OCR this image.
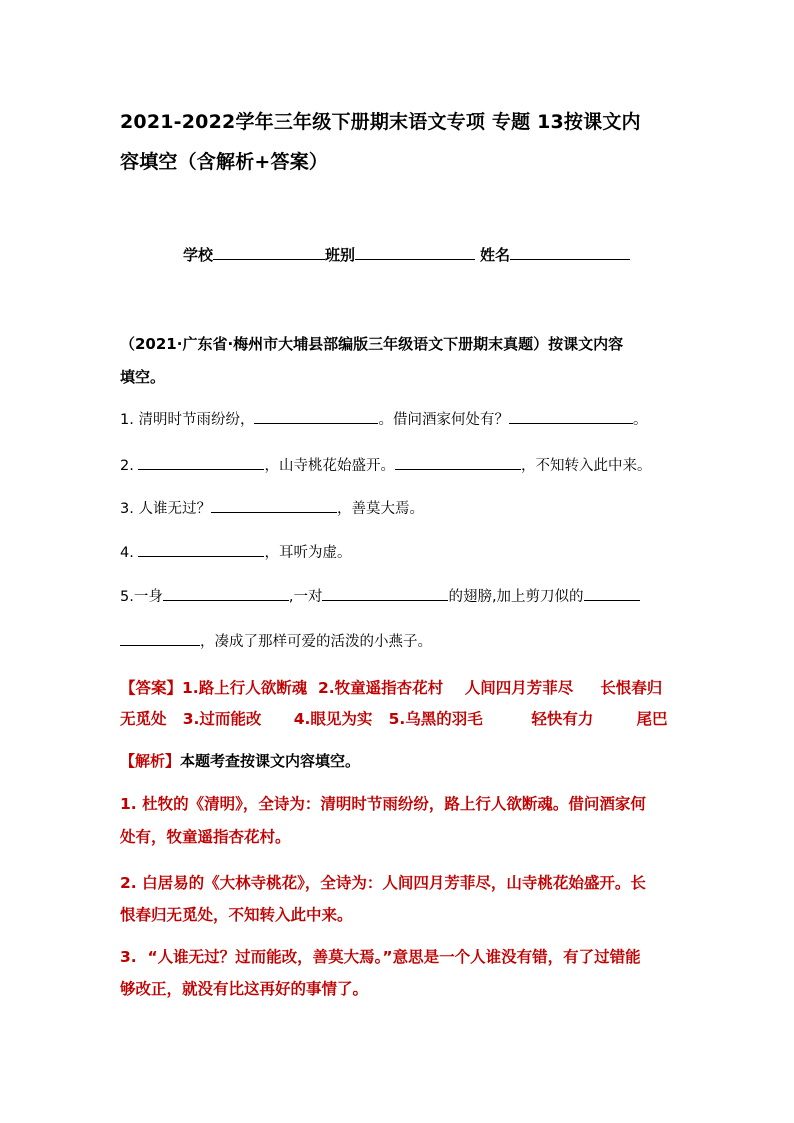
2021-2022学年三年级下册期末语文专项 专题 13按课文内
容填空（含解析+答案）
学校	班别	姓名
（2021·广东省·梅州市大埔县部编版三年级语文下册期末真题）按课文内容
填空。
1. 清明时节雨纷纷，	。借问酒家何处有？	。
2.	，山寺桃花始盛开。	，不知转入此中来。
3. 人谁无过？	，善莫大焉。
4.	，耳听为虚。
5.一身	,一对	的翅膀,加上剪刀似的
，凑成了那样可爱的活泼的小燕子。
【答案】1.路上行人欲断魂  2.牧童遥指杏花村    人间四月芳菲尽     长恨春归
无觅处   3.过而能改      4.眼见为实   5.乌黑的羽毛         轻快有力        尾巴
【解析】本题考查按课文内容填空。
1. 杜牧的《清明》，全诗为：清明时节雨纷纷，路上行人欲断魂。借问酒家何
处有，牧童遥指杏花村。
2. 白居易的《大林寺桃花》，全诗为：人间四月芳菲尽，山寺桃花始盛开。长
恨春归无觅处，不知转入此中来。
3.  “人谁无过？过而能改，善莫大焉。”意思是一个人谁没有错，有了过错能
够改正，就没有比这再好的事情了。
